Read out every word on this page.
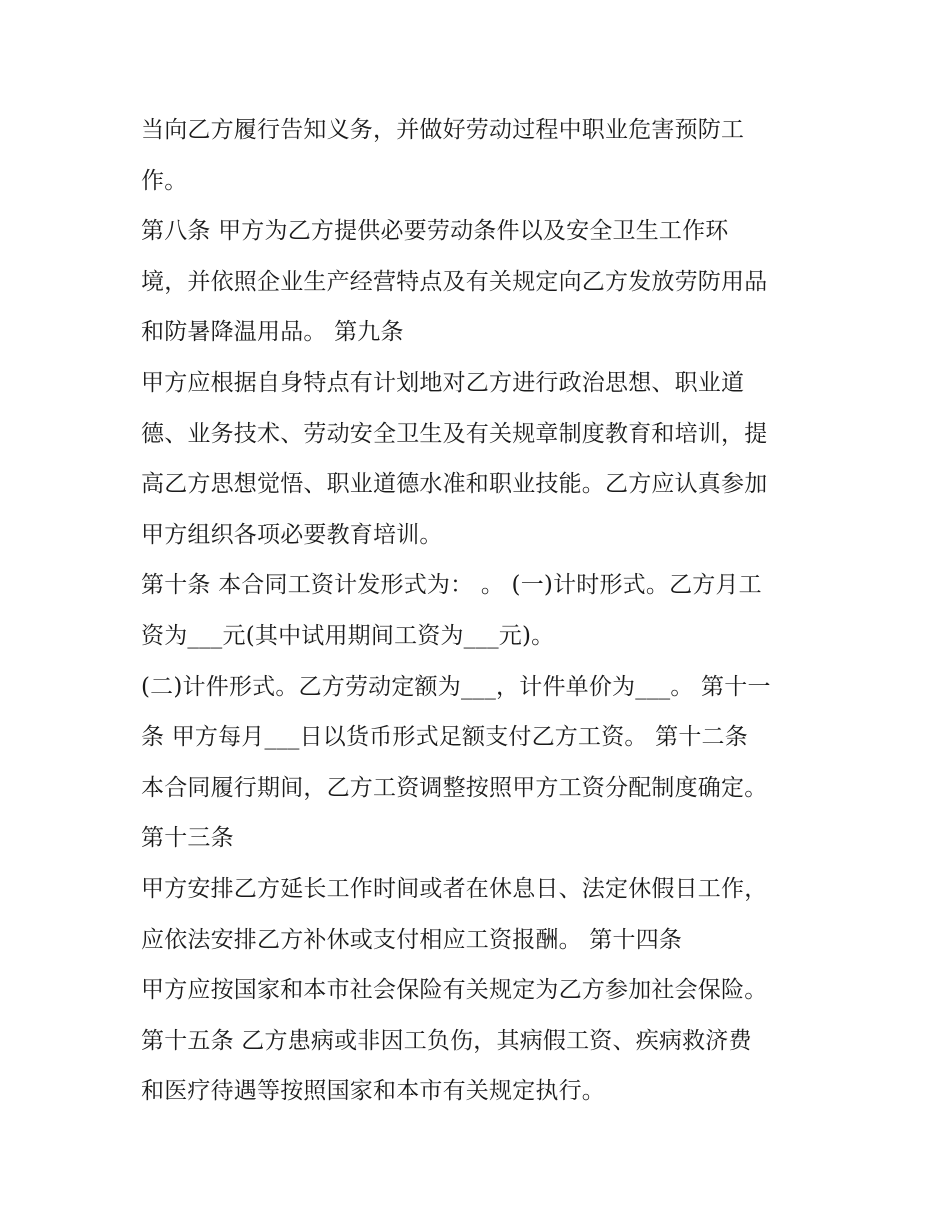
当向乙方履行告知义务，并做好劳动过程中职业危害预防工
作。
第八条 甲方为乙方提供必要劳动条件以及安全卫生工作环
境，并依照企业生产经营特点及有关规定向乙方发放劳防用品
和防暑降温用品。 第九条
甲方应根据自身特点有计划地对乙方进行政治思想、职业道
德、业务技术、劳动安全卫生及有关规章制度教育和培训，提
高乙方思想觉悟、职业道德水准和职业技能。乙方应认真参加
甲方组织各项必要教育培训。
第十条 本合同工资计发形式为： 。 (一)计时形式。乙方月工
资为___元(其中试用期间工资为___元)。
(二)计件形式。乙方劳动定额为___，计件单价为___。 第十一
条 甲方每月___日以货币形式足额支付乙方工资。 第十二条
本合同履行期间，乙方工资调整按照甲方工资分配制度确定。
第十三条
甲方安排乙方延长工作时间或者在休息日、法定休假日工作，
应依法安排乙方补休或支付相应工资报酬。 第十四条
甲方应按国家和本市社会保险有关规定为乙方参加社会保险。
第十五条 乙方患病或非因工负伤，其病假工资、疾病救济费
和医疗待遇等按照国家和本市有关规定执行。
